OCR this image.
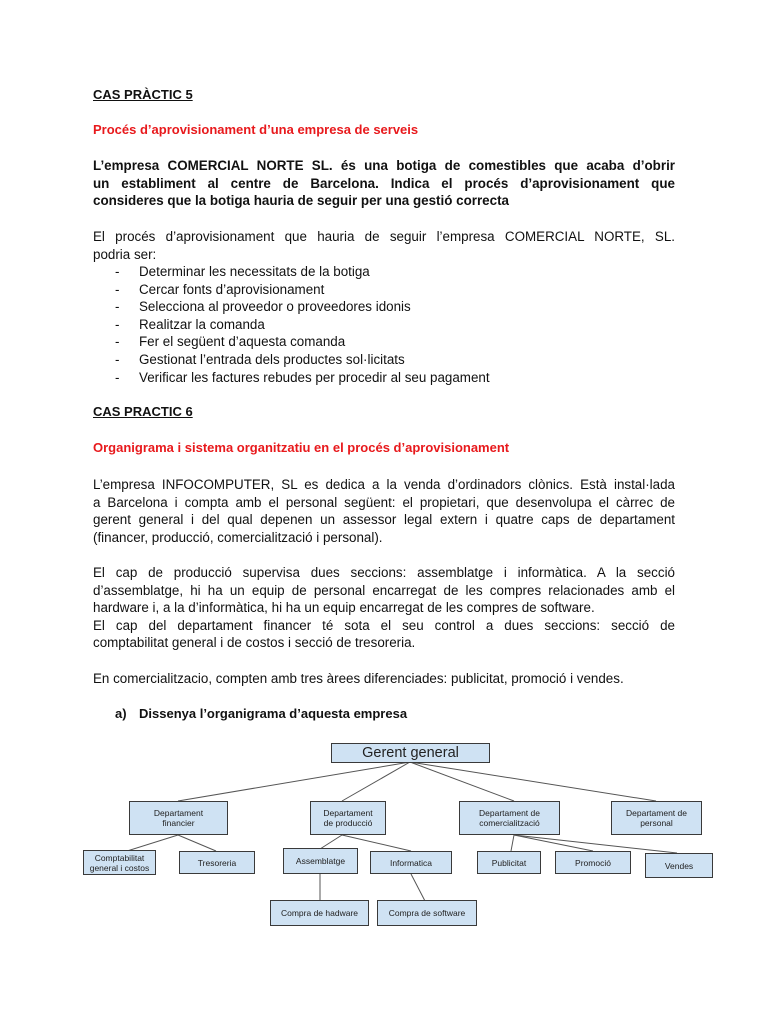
CAS PRÀCTIC 5
Procés d’aprovisionament d’una empresa de serveis
L’empresa COMERCIAL NORTE SL. és una botiga de comestibles que acaba d’obrir
un establiment al centre de Barcelona. Indica el procés d’aprovisionament que
consideres que la botiga hauria de seguir per una gestió correcta
El procés d’aprovisionament que hauria de seguir l’empresa COMERCIAL NORTE, SL.
podria ser:
- Determinar les necessitats de la botiga
- Cercar fonts d’aprovisionament
- Selecciona al proveedor o proveedores idonis
- Realitzar la comanda
- Fer el següent d’aquesta comanda
- Gestionat l’entrada dels productes sol·licitats
- Verificar les factures rebudes per procedir al seu pagament
CAS PRACTIC 6
Organigrama i sistema organitzatiu en el procés d’aprovisionament
L’empresa INFOCOMPUTER, SL es dedica a la venda d’ordinadors clònics. Està instal·lada
a Barcelona i compta amb el personal següent: el propietari, que desenvolupa el càrrec de
gerent general i del qual depenen un assessor legal extern i quatre caps de departament
(financer, producció, comercialització i personal).
El cap de producció supervisa dues seccions: assemblatge i informàtica. A la secció
d’assemblatge, hi ha un equip de personal encarregat de les compres relacionades amb el
hardware i, a la d’informàtica, hi ha un equip encarregat de les compres de software.
El cap del departament financer té sota el seu control a dues seccions: secció de
comptabilitat general i de costos i secció de tresoreria.
En comercialitzacio, compten amb tres àrees diferenciades: publicitat, promoció i vendes.
a) Dissenya l’organigrama d’aquesta empresa
Gerent general
Departament
financier
Departament
de producció
Departament de
comercialització
Departament de
personal
Comptabilitat
general i costos	Tresoreria	Assemblatge	Informatica	Publicitat	Promoció	Vendes
Compra de hadware	Compra de software
